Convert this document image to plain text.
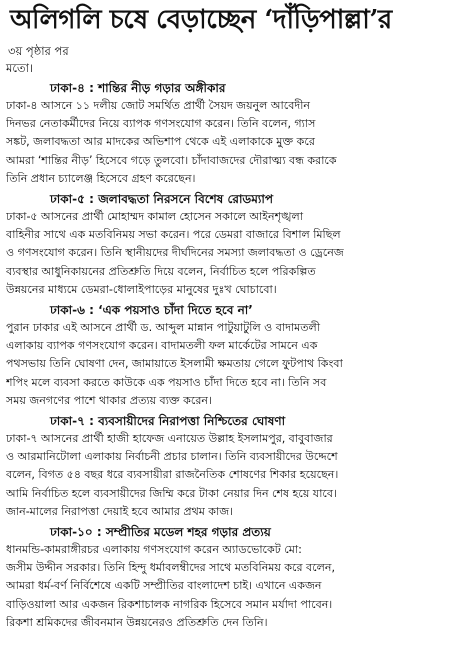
অলিগলি চষে বেড়াচ্ছেন ‘দাঁড়িপাল্লা’র
৩য় পৃষ্ঠার পর
মতো।
ঢাকা-৪ : শান্তির নীড় গড়ার অঙ্গীকার
ঢাকা-৪ আসনে ১১ দলীয় জোট সমর্থিত প্রার্থী সৈয়দ জয়নুল আবেদীন
দিনভর নেতাকর্মীদের নিয়ে ব্যাপক গণসংযোগ করেন। তিনি বলেন, গ্যাস
সঙ্কট, জলাবদ্ধতা আর মাদকের অভিশাপ থেকে এই এলাকাকে মুক্ত করে
আমরা ‘শান্তির নীড়’ হিসেবে গড়ে তুলবো। চাঁদাবাজদের দৌরাত্ম্য বন্ধ করাকে
তিনি প্রধান চ্যালেঞ্জ হিসেবে গ্রহণ করেছেন।
ঢাকা-৫ : জলাবদ্ধতা নিরসনে বিশেষ রোডম্যাপ
ঢাকা-৫ আসনের প্রার্থী মোহাম্মদ কামাল হোসেন সকালে আইনশৃঙ্খলা
বাহিনীর সাথে এক মতবিনিময় সভা করেন। পরে ডেমরা বাজারে বিশাল মিছিল
ও গণসংযোগ করেন। তিনি স্থানীয়দের দীর্ঘদিনের সমস্যা জলাবদ্ধতা ও ড্রেনেজ
ব্যবস্থার আধুনিকায়নের প্রতিশ্রুতি দিয়ে বলেন, নির্বাচিত হলে পরিকল্পিত
উন্নয়নের মাধ্যমে ডেমরা-ধোলাইপাড়ের মানুষের দুঃখ ঘোচাবো।
ঢাকা-৬ : ‘এক পয়সাও চাঁদা দিতে হবে না’
পুরান ঢাকার এই আসনে প্রার্থী ড. আব্দুল মান্নান পাটুয়াটুলি ও বাদামতলী
এলাকায় ব্যাপক গণসংযোগ করেন। বাদামতলী ফল মার্কেটের সামনে এক
পথসভায় তিনি ঘোষণা দেন, জামায়াতে ইসলামী ক্ষমতায় গেলে ফুটপাথ কিংবা
শপিং মলে ব্যবসা করতে কাউকে এক পয়সাও চাঁদা দিতে হবে না। তিনি সব
সময় জনগণের পাশে থাকার প্রত্যয় ব্যক্ত করেন।
ঢাকা-৭ : ব্যবসায়ীদের নিরাপত্তা নিশ্চিতের ঘোষণা
ঢাকা-৭ আসনের প্রার্থী হাজী হাফেজ এনায়েত উল্লাহ ইসলামপুর, বাবুবাজার
ও আরমানিটোলা এলাকায় নির্বাচনী প্রচার চালান। তিনি ব্যবসায়ীদের উদ্দেশে
বলেন, বিগত ৫৪ বছর ধরে ব্যবসায়ীরা রাজনৈতিক শোষণের শিকার হয়েছেন।
আমি নির্বাচিত হলে ব্যবসায়ীদের জিম্মি করে টাকা নেয়ার দিন শেষ হয়ে যাবে।
জান-মালের নিরাপত্তা দেয়াই হবে আমার প্রথম কাজ।
ঢাকা-১০ : সম্প্রীতির মডেল শহর গড়ার প্রত্যয়
ধানমন্ডি-কামরাঙ্গীরচর এলাকায় গণসংযোগ করেন অ্যাডভোকেট মো:
জসীম উদ্দীন সরকার। তিনি হিন্দু ধর্মাবলম্বীদের সাথে মতবিনিময় করে বলেন,
আমরা ধর্ম-বর্ণ নির্বিশেষে একটি সম্প্রীতির বাংলাদেশ চাই। এখানে একজন
বাড়িওয়ালা আর একজন রিকশাচালক নাগরিক হিসেবে সমান মর্যাদা পাবেন।
রিকশা শ্রমিকদের জীবনমান উন্নয়নেরও প্রতিশ্রুতি দেন তিনি।
